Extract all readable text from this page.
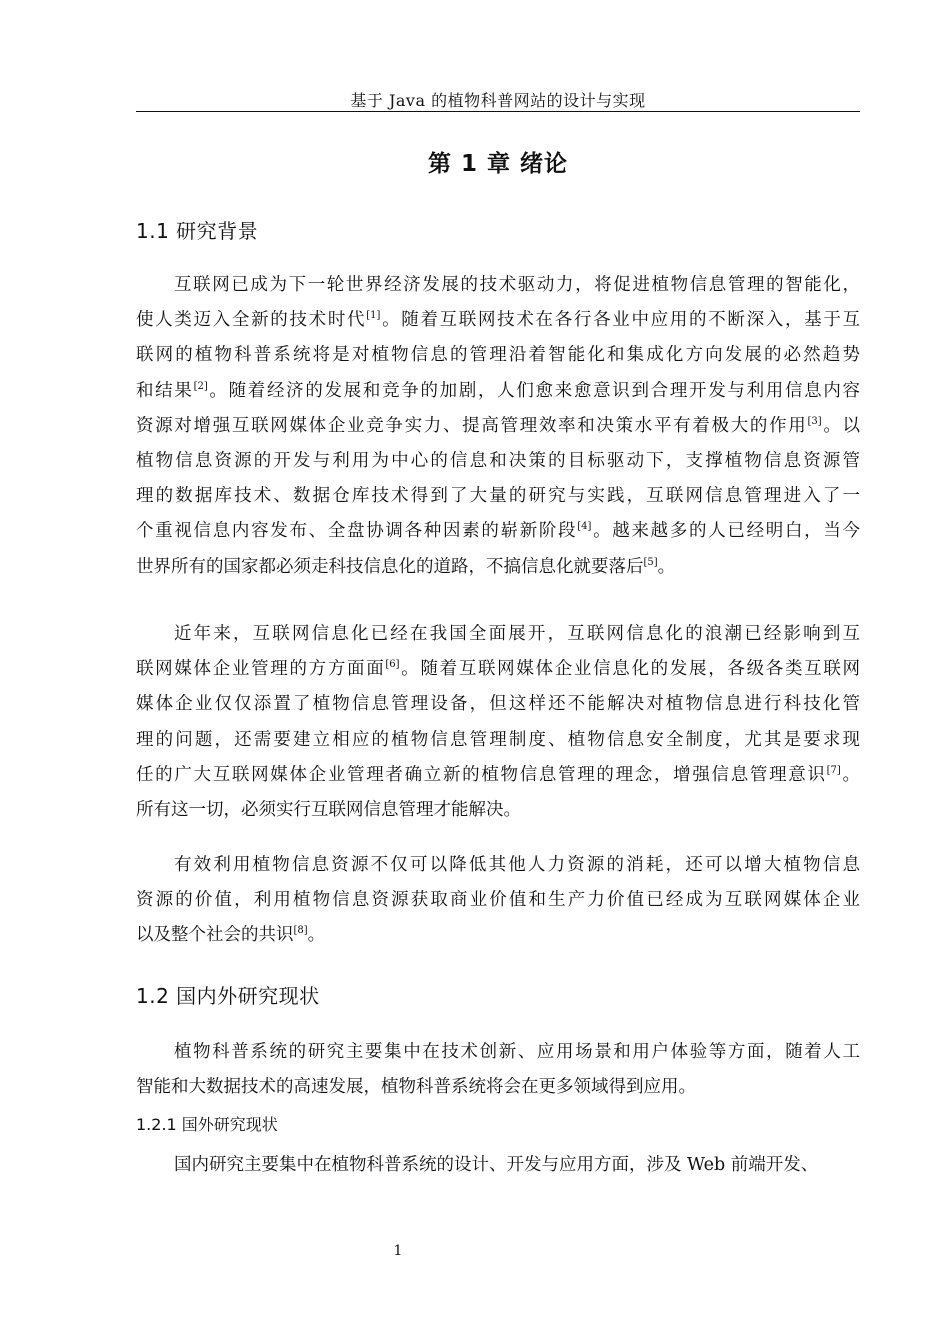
基于 Java 的植物科普网站的设计与实现
第 1 章 绪论
1.1 研究背景
互联网已成为下一轮世界经济发展的技术驱动力，将促进植物信息管理的智能化，
使人类迈入全新的技术时代[1]。随着互联网技术在各行各业中应用的不断深入，基于互
联网的植物科普系统将是对植物信息的管理沿着智能化和集成化方向发展的必然趋势
和结果[2]。随着经济的发展和竞争的加剧，人们愈来愈意识到合理开发与利用信息内容
资源对增强互联网媒体企业竞争实力、提高管理效率和决策水平有着极大的作用[3]。以
植物信息资源的开发与利用为中心的信息和决策的目标驱动下，支撑植物信息资源管
理的数据库技术、数据仓库技术得到了大量的研究与实践，互联网信息管理进入了一
个重视信息内容发布、全盘协调各种因素的崭新阶段[4]。越来越多的人已经明白，当今
世界所有的国家都必须走科技信息化的道路，不搞信息化就要落后[5]。
近年来，互联网信息化已经在我国全面展开，互联网信息化的浪潮已经影响到互
联网媒体企业管理的方方面面[6]。随着互联网媒体企业信息化的发展，各级各类互联网
媒体企业仅仅添置了植物信息管理设备，但这样还不能解决对植物信息进行科技化管
理的问题，还需要建立相应的植物信息管理制度、植物信息安全制度，尤其是要求现
任的广大互联网媒体企业管理者确立新的植物信息管理的理念，增强信息管理意识[7]。
所有这一切，必须实行互联网信息管理才能解决。
有效利用植物信息资源不仅可以降低其他人力资源的消耗，还可以增大植物信息
资源的价值，利用植物信息资源获取商业价值和生产力价值已经成为互联网媒体企业
以及整个社会的共识[8]。
1.2 国内外研究现状
植物科普系统的研究主要集中在技术创新、应用场景和用户体验等方面，随着人工
智能和大数据技术的高速发展，植物科普系统将会在更多领域得到应用。
1.2.1 国外研究现状
国内研究主要集中在植物科普系统的设计、开发与应用方面，涉及 Web 前端开发、
1
